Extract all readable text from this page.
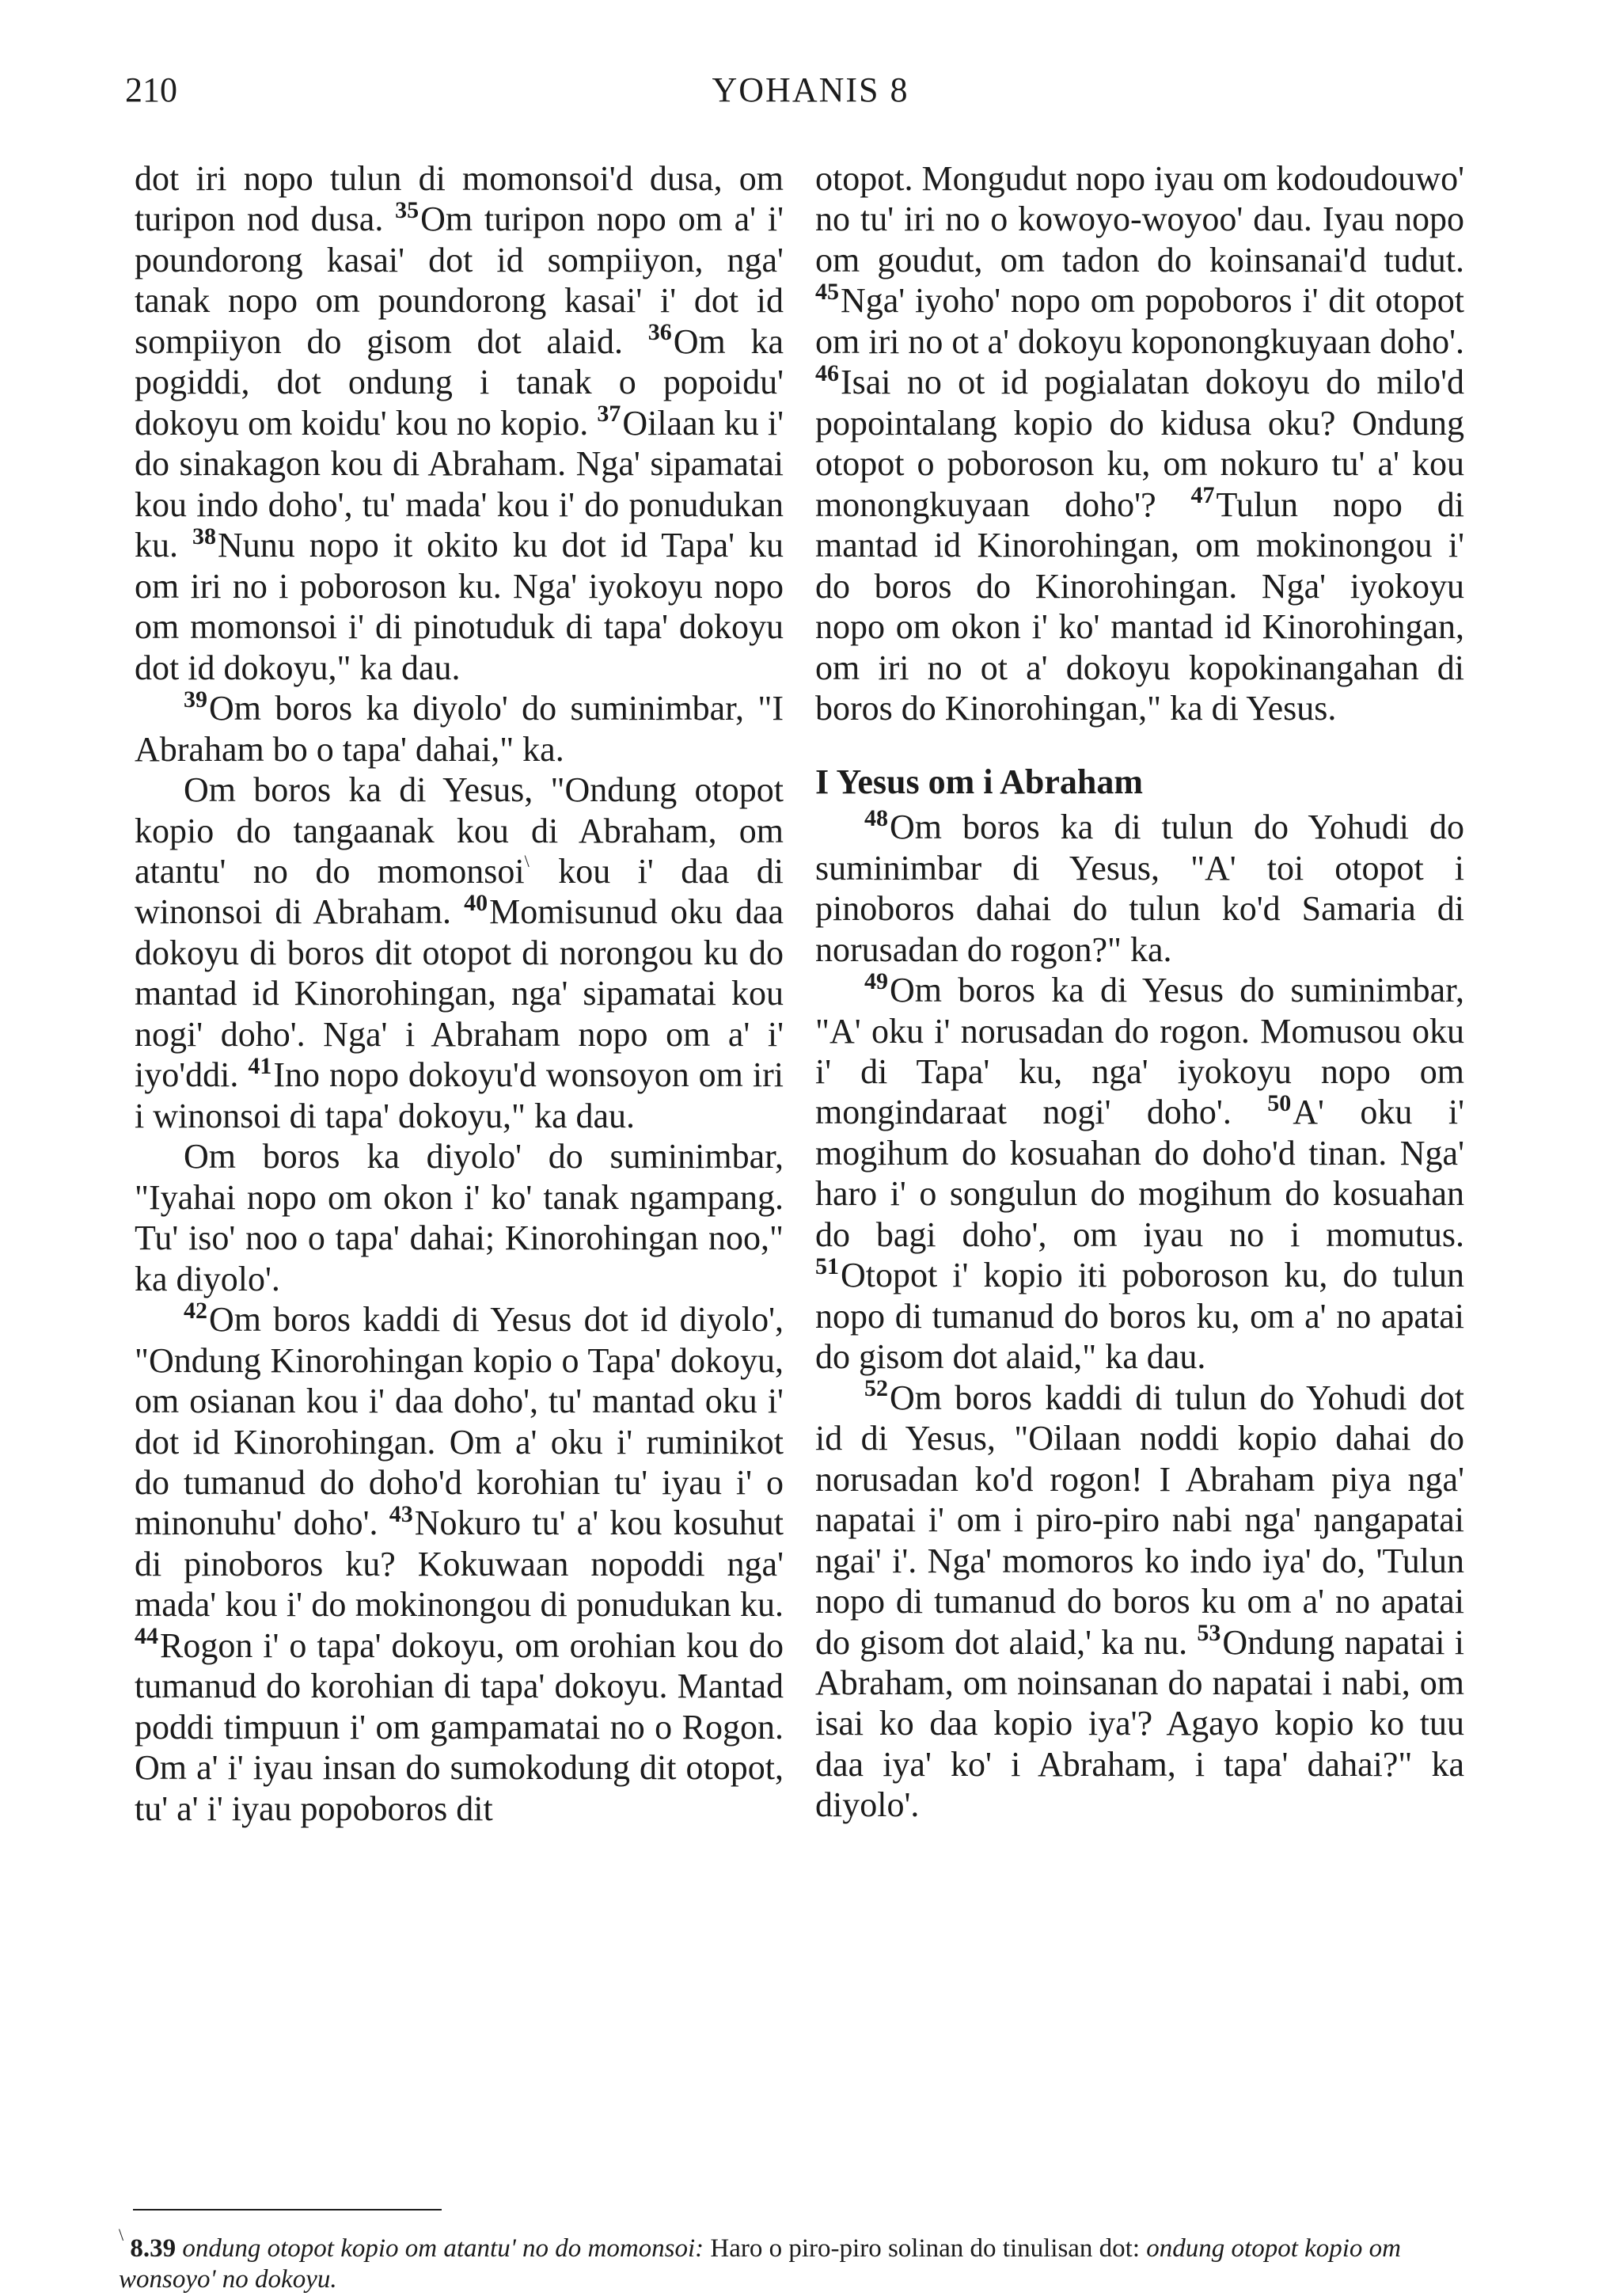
210	YOHANIS 8

dot iri nopo tulun di momonsoi'd dusa, om turipon nod dusa. $^{35}$Om turipon nopo om a' i' poundorong kasai' dot id sompiiyon, nga' tanak nopo om poundorong kasai' i' dot id sompiiyon do gisom dot alaid. $^{36}$Om ka pogiddi, dot ondung i tanak o popoidu' dokoyu om koidu' kou no kopio. $^{37}$Oilaan ku i' do sinakagon kou di Abraham. Nga' sipamatai kou indo doho', tu' mada' kou i' do ponudukan ku. $^{38}$Nunu nopo it okito ku dot id Tapa' ku om iri no i poboroson ku. Nga' iyokoyu nopo om momonsoi i' di pinotuduk di tapa' dokoyu dot id dokoyu," ka dau.

$^{39}$Om boros ka diyolo' do suminimbar, "I Abraham bo o tapa' dahai," ka.

Om boros ka di Yesus, "Ondung otopot kopio do tangaanak kou di Abraham, om atantu' no do momonsoi\ kou i' daa di winonsoi di Abraham. $^{40}$Momisunud oku daa dokoyu di boros dit otopot di norongou ku do mantad id Kinorohingan, nga' sipamatai kou nogi' doho'. Nga' i Abraham nopo om a' i' iyo'ddi. $^{41}$Ino nopo dokoyu'd wonsoyon om iri i winonsoi di tapa' dokoyu," ka dau.

Om boros ka diyolo' do suminimbar, "Iyahai nopo om okon i' ko' tanak ngampang. Tu' iso' noo o tapa' dahai; Kinorohingan noo," ka diyolo'.

$^{42}$Om boros kaddi di Yesus dot id diyolo', "Ondung Kinorohingan kopio o Tapa' dokoyu, om osianan kou i' daa doho', tu' mantad oku i' dot id Kinorohingan. Om a' oku i' ruminikot do tumanud do doho'd korohian tu' iyau i' o minonuhu' doho'. $^{43}$Nokuro tu' a' kou kosuhut di pinoboros ku? Kokuwaan nopoddi nga' mada' kou i' do mokinongou di ponudukan ku. $^{44}$Rogon i' o tapa' dokoyu, om orohian kou do tumanud do korohian di tapa' dokoyu. Mantad poddi timpuun i' om gampamatai no o Rogon. Om a' i' iyau insan do sumokodung dit otopot, tu' a' i' iyau popoboros dit

otopot. Mongudut nopo iyau om kodoudouwo' no tu' iri no o kowoyo-woyoo' dau. Iyau nopo om goudut, om tadon do koinsanai'd tudut. $^{45}$Nga' iyoho' nopo om popoboros i' dit otopot om iri no ot a' dokoyu koponongkuyaan doho'. $^{46}$Isai no ot id pogialatan dokoyu do milo'd popointalang kopio do kidusa oku? Ondung otopot o poboroson ku, om nokuro tu' a' kou monongkuyaan doho'? $^{47}$Tulun nopo di mantad id Kinorohingan, om mokinongou i' do boros do Kinorohingan. Nga' iyokoyu nopo om okon i' ko' mantad id Kinorohingan, om iri no ot a' dokoyu kopokinangahan di boros do Kinorohingan," ka di Yesus.

I Yesus om i Abraham

$^{48}$Om boros ka di tulun do Yohudi do suminimbar di Yesus, "A' toi otopot i pinoboros dahai do tulun ko'd Samaria di norusadan do rogon?" ka.

$^{49}$Om boros ka di Yesus do suminimbar, "A' oku i' norusadan do rogon. Momusou oku i' di Tapa' ku, nga' iyokoyu nopo om mongindaraat nogi' doho'. $^{50}$A' oku i' mogihum do kosuahan do doho'd tinan. Nga' haro i' o songulun do mogihum do kosuahan do bagi doho', om iyau no i momutus. $^{51}$Otopot i' kopio iti poboroson ku, do tulun nopo di tumanud do boros ku, om a' no apatai do gisom dot alaid," ka dau.

$^{52}$Om boros kaddi di tulun do Yohudi dot id di Yesus, "Oilaan noddi kopio dahai do norusadan ko'd rogon! I Abraham piya nga' napatai i' om i piro-piro nabi nga' ŋangapatai ngai' i'. Nga' momoros ko indo iya' do, 'Tulun nopo di tumanud do boros ku om a' no apatai do gisom dot alaid,' ka nu. $^{53}$Ondung napatai i Abraham, om noinsanan do napatai i nabi, om isai ko daa kopio iya'? Agayo kopio ko tuu daa iya' ko' i Abraham, i tapa' dahai?" ka diyolo'.

\ 8.39 ondung otopot kopio om atantu' no do momonsoi: Haro o piro-piro solinan do tinulisan dot: ondung otopot kopio om wonsoyo' no dokoyu.
